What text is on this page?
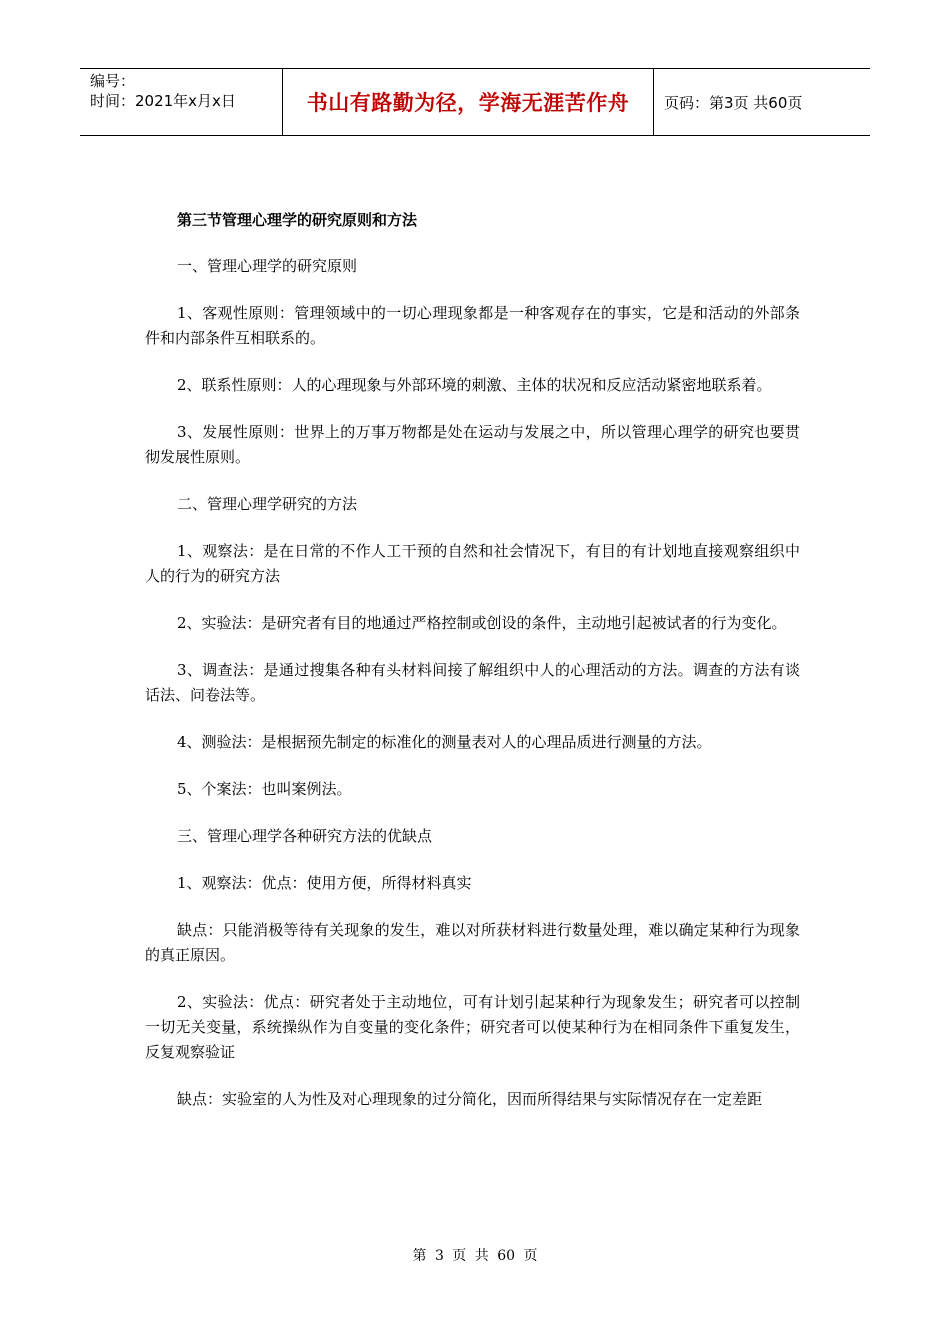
编号：
时间：2021年x月x日	书山有路勤为径，学海无涯苦作舟 页码：第3页 共60页

第三节管理心理学的研究原则和方法

一、管理心理学的研究原则

1、客观性原则：管理领域中的一切心理现象都是一种客观存在的事实，它是和活动的外部条件和内部条件互相联系的。

2、联系性原则：人的心理现象与外部环境的刺激、主体的状况和反应活动紧密地联系着。

3、发展性原则：世界上的万事万物都是处在运动与发展之中，所以管理心理学的研究也要贯彻发展性原则。

二、管理心理学研究的方法

1、观察法：是在日常的不作人工干预的自然和社会情况下，有目的有计划地直接观察组织中人的行为的研究方法

2、实验法：是研究者有目的地通过严格控制或创设的条件，主动地引起被试者的行为变化。

3、调查法：是通过搜集各种有头材料间接了解组织中人的心理活动的方法。调查的方法有谈话法、问卷法等。

4、测验法：是根据预先制定的标准化的测量表对人的心理品质进行测量的方法。

5、个案法：也叫案例法。

三、管理心理学各种研究方法的优缺点

1、观察法：优点：使用方便，所得材料真实

缺点：只能消极等待有关现象的发生，难以对所获材料进行数量处理，难以确定某种行为现象的真正原因。

2、实验法：优点：研究者处于主动地位，可有计划引起某种行为现象发生；研究者可以控制一切无关变量，系统操纵作为自变量的变化条件；研究者可以使某种行为在相同条件下重复发生，反复观察验证

缺点：实验室的人为性及对心理现象的过分简化，因而所得结果与实际情况存在一定差距

第 3 页 共 60 页
